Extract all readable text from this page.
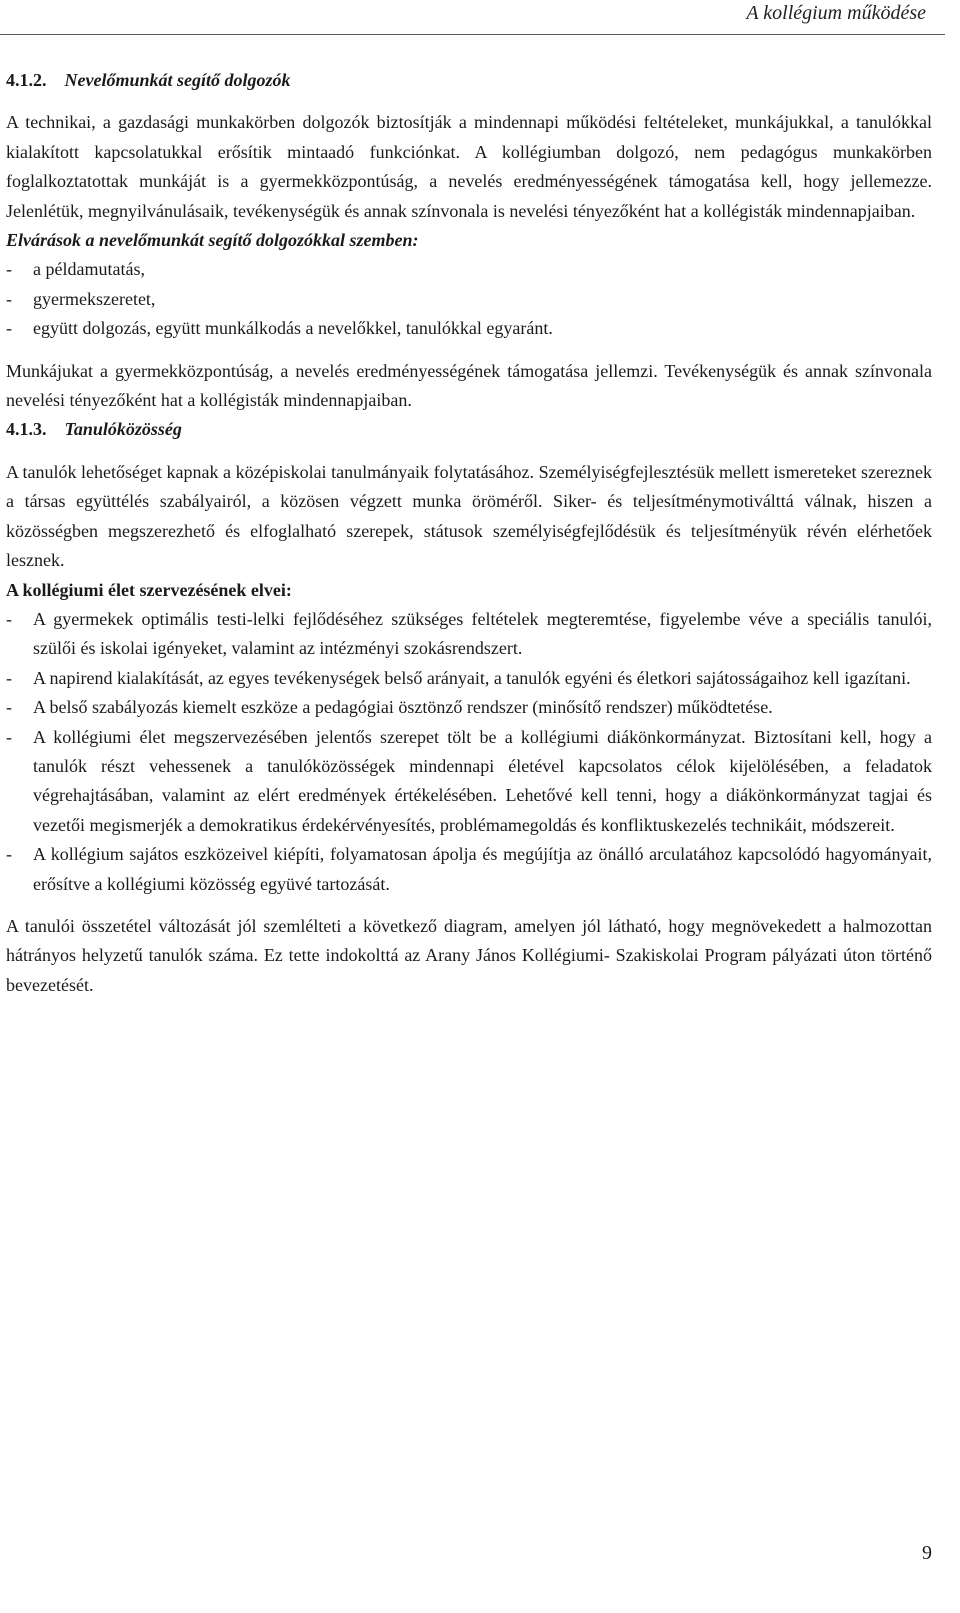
A kollégium működése

4.1.2. Nevelőmunkát segítő dolgozók

A technikai, a gazdasági munkakörben dolgozók biztosítják a mindennapi működési feltételeket, munkájukkal, a tanulókkal kialakított kapcsolatukkal erősítik mintaadó funkciónkat. A kollégiumban dolgozó, nem pedagógus munkakörben foglalkoztatottak munkáját is a gyermekközpontúság, a nevelés eredményességének támogatása kell, hogy jellemezze. Jelenlétük, megnyilvánulásaik, tevékenységük és annak színvonala is nevelési tényezőként hat a kollégisták mindennapjaiban.

Elvárások a nevelőmunkát segítő dolgozókkal szemben:

- a példamutatás,
- gyermekszeretet,
- együtt dolgozás, együtt munkálkodás a nevelőkkel, tanulókkal egyaránt.

Munkájukat a gyermekközpontúság, a nevelés eredményességének támogatása jellemzi. Tevékenységük és annak színvonala nevelési tényezőként hat a kollégisták mindennapjaiban.

4.1.3. Tanulóközösség

A tanulók lehetőséget kapnak a középiskolai tanulmányaik folytatásához. Személyiségfejlesztésük mellett ismereteket szereznek a társas együttélés szabályairól, a közösen végzett munka öröméről. Siker- és teljesítménymotiválttá válnak, hiszen a közösségben megszerezhető és elfoglalható szerepek, státusok személyiségfejlődésük és teljesítményük révén elérhetőek lesznek.

A kollégiumi élet szervezésének elvei:

- A gyermekek optimális testi-lelki fejlődéséhez szükséges feltételek megteremtése, figyelembe véve a speciális tanulói, szülői és iskolai igényeket, valamint az intézményi szokásrendszert.
- A napirend kialakítását, az egyes tevékenységek belső arányait, a tanulók egyéni és életkori sajátosságaihoz kell igazítani.
- A belső szabályozás kiemelt eszköze a pedagógiai ösztönző rendszer (minősítő rendszer) működtetése.
- A kollégiumi élet megszervezésében jelentős szerepet tölt be a kollégiumi diákönkormányzat. Biztosítani kell, hogy a tanulók részt vehessenek a tanulóközösségek mindennapi életével kapcsolatos célok kijelölésében, a feladatok végrehajtásában, valamint az elért eredmények értékelésében. Lehetővé kell tenni, hogy a diákönkormányzat tagjai és vezetői megismerjék a demokratikus érdekérvényesítés, problémamegoldás és konfliktuskezelés technikáit, módszereit.
- A kollégium sajátos eszközeivel kiépíti, folyamatosan ápolja és megújítja az önálló arculatához kapcsolódó hagyományait, erősítve a kollégiumi közösség együvé tartozását.

A tanulói összetétel változását jól szemlélteti a következő diagram, amelyen jól látható, hogy megnövekedett a halmozottan hátrányos helyzetű tanulók száma. Ez tette indokolttá az Arany János Kollégiumi- Szakiskolai Program pályázati úton történő bevezetését.

9
